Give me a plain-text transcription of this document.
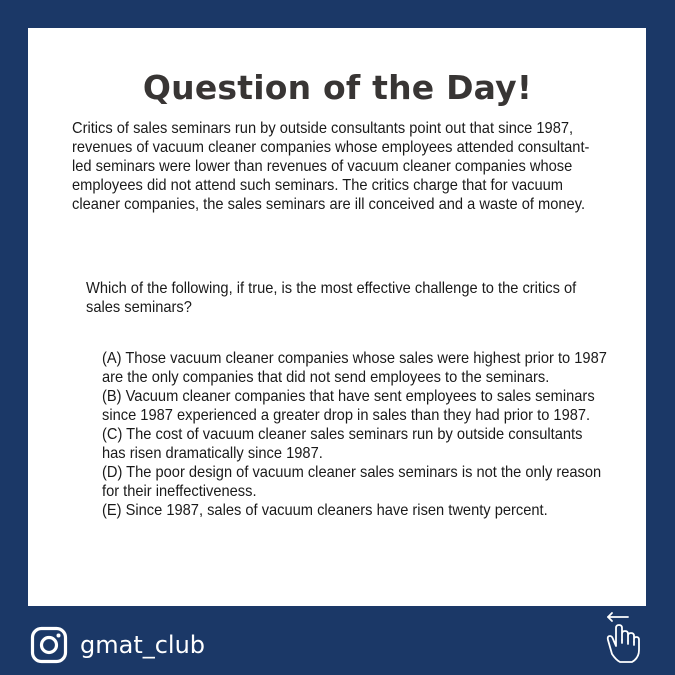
Question of the Day!

Critics of sales seminars run by outside consultants point out that since 1987, revenues of vacuum cleaner companies whose employees attended consultant-led seminars were lower than revenues of vacuum cleaner companies whose employees did not attend such seminars. The critics charge that for vacuum cleaner companies, the sales seminars are ill conceived and a waste of money.

Which of the following, if true, is the most effective challenge to the critics of sales seminars?

(A) Those vacuum cleaner companies whose sales were highest prior to 1987 are the only companies that did not send employees to the seminars.
(B) Vacuum cleaner companies that have sent employees to sales seminars since 1987 experienced a greater drop in sales than they had prior to 1987.
(C) The cost of vacuum cleaner sales seminars run by outside consultants has risen dramatically since 1987.
(D) The poor design of vacuum cleaner sales seminars is not the only reason for their ineffectiveness.
(E) Since 1987, sales of vacuum cleaners have risen twenty percent.
gmat_club
